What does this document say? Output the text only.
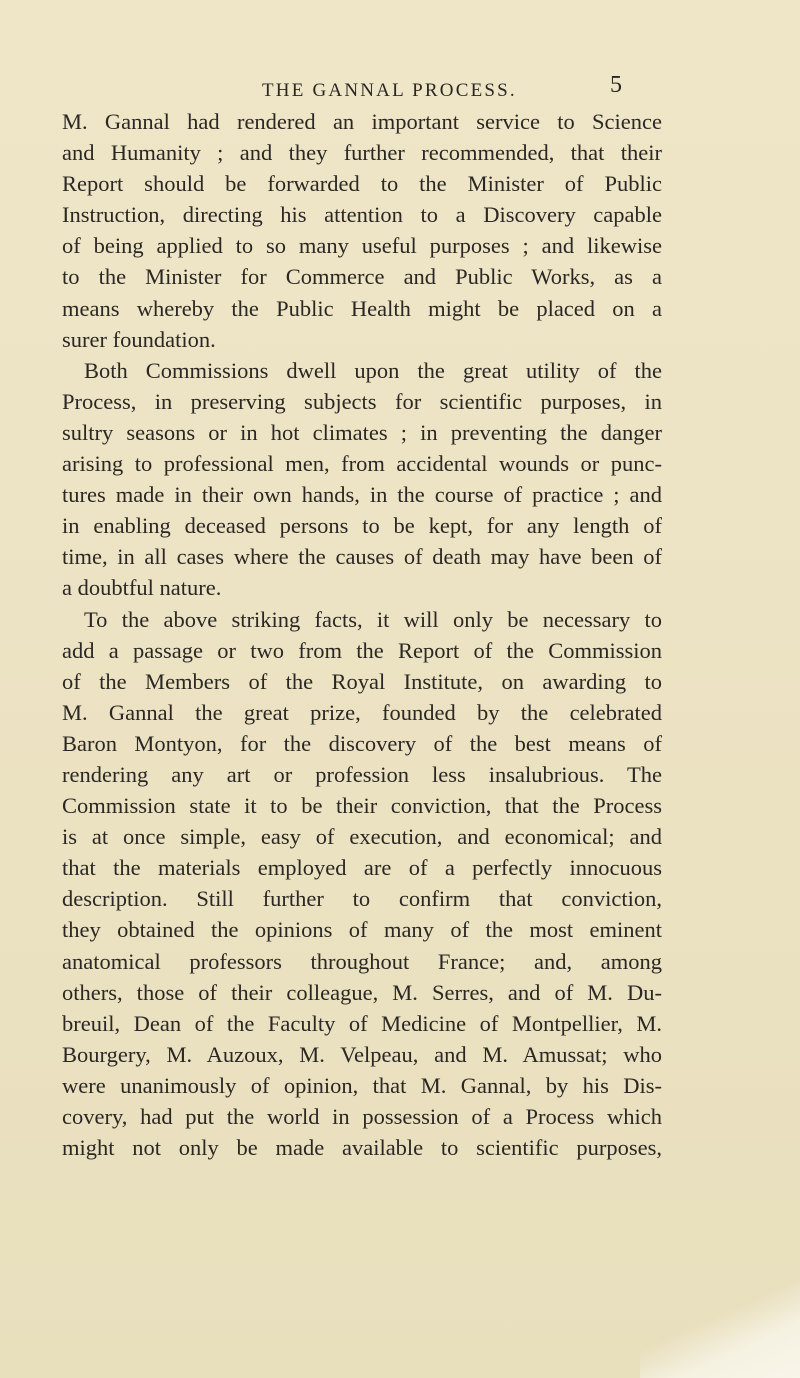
THE GANNAL PROCESS.	5
M. Gannal had rendered an important service to Science
and Humanity ; and they further recommended, that their
Report should be forwarded to the Minister of Public
Instruction, directing his attention to a Discovery capable
of being applied to so many useful purposes ; and likewise
to the Minister for Commerce and Public Works, as a
means whereby the Public Health might be placed on a
surer foundation.
Both Commissions dwell upon the great utility of the
Process, in preserving subjects for scientific purposes, in
sultry seasons or in hot climates ; in preventing the danger
arising to professional men, from accidental wounds or punc-
tures made in their own hands, in the course of practice ; and
in enabling deceased persons to be kept, for any length of
time, in all cases where the causes of death may have been of
a doubtful nature.
To the above striking facts, it will only be necessary to
add a passage or two from the Report of the Commission
of the Members of the Royal Institute, on awarding to
M. Gannal the great prize, founded by the celebrated
Baron Montyon, for the discovery of the best means of
rendering any art or profession less insalubrious. The
Commission state it to be their conviction, that the Process
is at once simple, easy of execution, and economical; and
that the materials employed are of a perfectly innocuous
description. Still further to confirm that conviction,
they obtained the opinions of many of the most eminent
anatomical professors throughout France; and, among
others, those of their colleague, M. Serres, and of M. Du-
breuil, Dean of the Faculty of Medicine of Montpellier, M.
Bourgery, M. Auzoux, M. Velpeau, and M. Amussat; who
were unanimously of opinion, that M. Gannal, by his Dis-
covery, had put the world in possession of a Process which
might not only be made available to scientific purposes,
